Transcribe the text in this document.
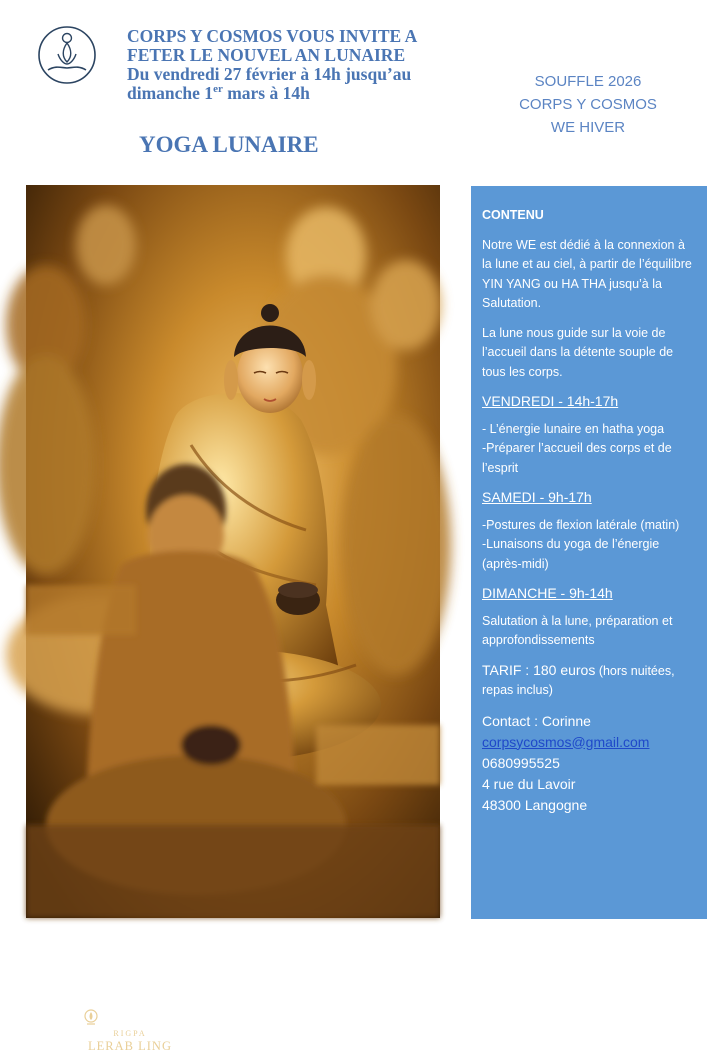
CORPS Y COSMOS VOUS INVITE A
FETER LE NOUVEL AN LUNAIRE
Du vendredi 27 février à 14h jusqu’au
dimanche 1er mars à 14h
YOGA LUNAIRE
SOUFFLE 2026
CORPS Y COSMOS
WE HIVER
RIGPA
LERAB LING

CONTENU

Notre WE est dédié à la connexion à la lune et au ciel, à partir de l’équilibre YIN YANG ou HA THA jusqu’à la Salutation.

La lune nous guide sur la voie de l’accueil dans la détente souple de tous les corps.

VENDREDI - 14h-17h

- L’énergie lunaire en hatha yoga

-Préparer l’accueil des corps et de l’esprit

SAMEDI - 9h-17h

-Postures de flexion latérale (matin)

-Lunaisons du yoga de l’énergie (après-midi)

DIMANCHE - 9h-14h

Salutation à la lune, préparation et approfondissements

TARIF : 180 euros (hors nuitées, repas inclus)

Contact : Corinne
corpsycosmos@gmail.com
0680995525
4 rue du Lavoir
48300 Langogne
